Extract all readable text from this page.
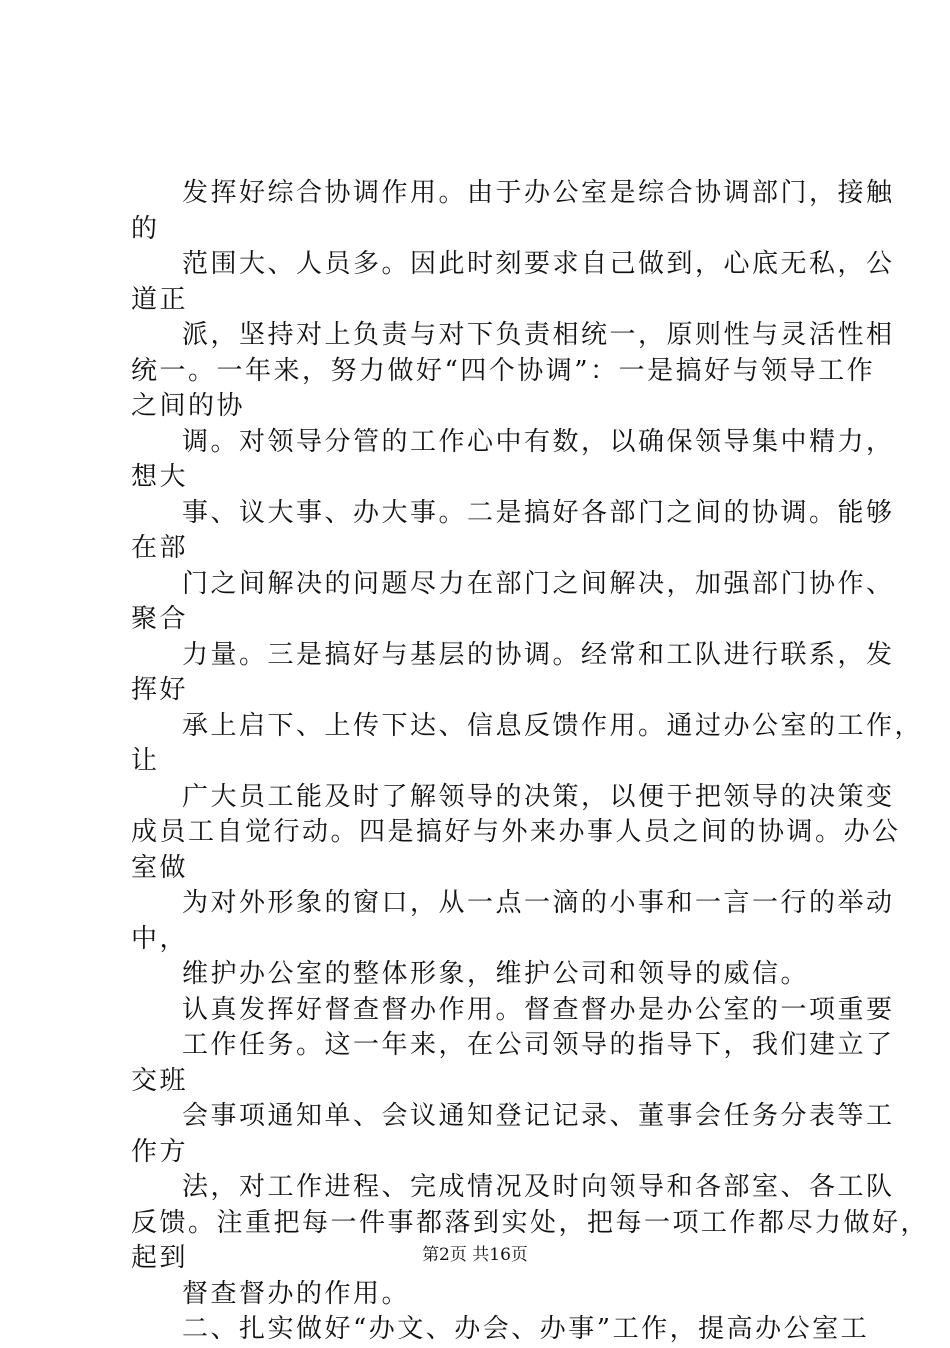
发挥好综合协调作用。由于办公室是综合协调部门，接触
的
范围大、人员多。因此时刻要求自己做到，心底无私，公
道正
派，坚持对上负责与对下负责相统一，原则性与灵活性相
统一。一年来，努力做好“四个协调”：一是搞好与领导工作
之间的协
调。对领导分管的工作心中有数，以确保领导集中精力，
想大
事、议大事、办大事。二是搞好各部门之间的协调。能够
在部
门之间解决的问题尽力在部门之间解决，加强部门协作、
聚合
力量。三是搞好与基层的协调。经常和工队进行联系，发
挥好
承上启下、上传下达、信息反馈作用。通过办公室的工作，
让
广大员工能及时了解领导的决策，以便于把领导的决策变
成员工自觉行动。四是搞好与外来办事人员之间的协调。办公
室做
为对外形象的窗口，从一点一滴的小事和一言一行的举动
中，
维护办公室的整体形象，维护公司和领导的威信。
认真发挥好督查督办作用。督查督办是办公室的一项重要
工作任务。这一年来，在公司领导的指导下，我们建立了
交班
会事项通知单、会议通知登记记录、董事会任务分表等工
作方
法，对工作进程、完成情况及时向领导和各部室、各工队
反馈。注重把每一件事都落到实处，把每一项工作都尽力做好，
起到
督查督办的作用。
二、扎实做好“办文、办会、办事”工作，提高办公室工
第2页 共16页
